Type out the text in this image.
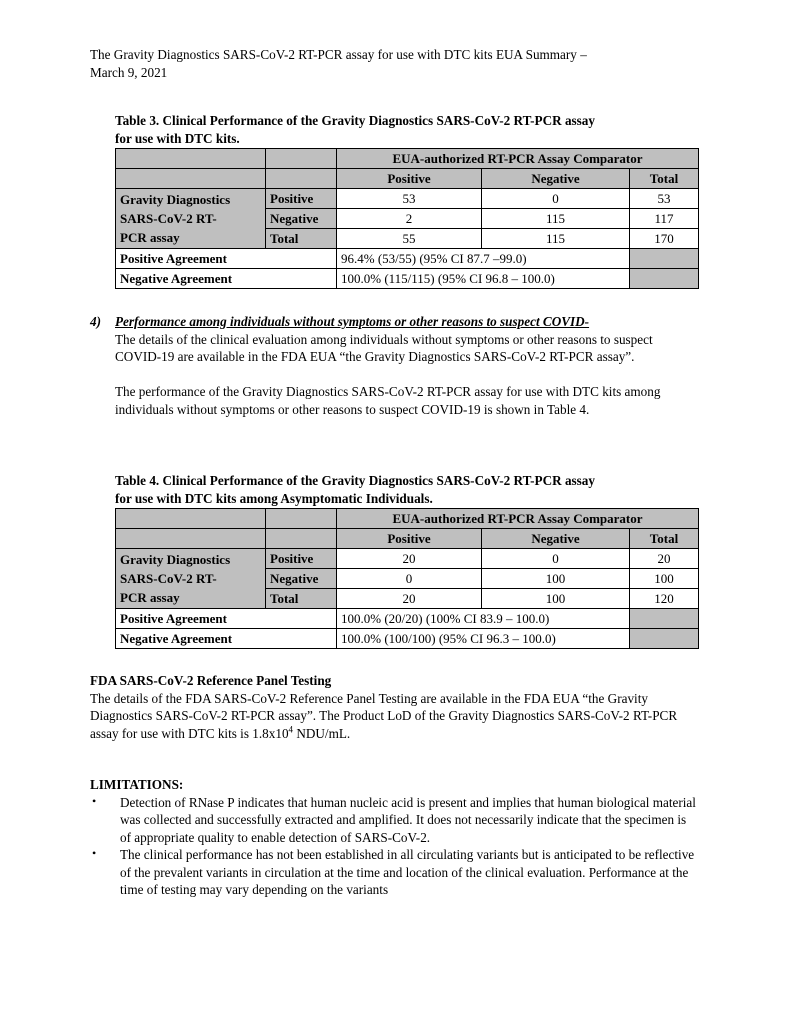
The Gravity Diagnostics SARS-CoV-2 RT-PCR assay for use with DTC kits EUA Summary –
March 9, 2021
Table 3. Clinical Performance of the Gravity Diagnostics SARS-CoV-2 RT-PCR assay
for use with DTC kits.
		EUA-authorized RT-PCR Assay Comparator		
		Positive	Negative	Total
Gravity Diagnostics
SARS-CoV-2 RT-
PCR assay	Positive	53	0	53
	Negative	2	115	117
	Total	55	115	170
Positive Agreement		96.4% (53/55) (95% CI 87.7 –99.0)		
Negative Agreement		100.0% (115/115) (95% CI 96.8 – 100.0)		
4) Performance among individuals without symptoms or other reasons to suspect COVID-
The details of the clinical evaluation among individuals without symptoms or other reasons to suspect COVID-19 are available in the FDA EUA “the Gravity Diagnostics SARS-CoV-2 RT-PCR assay”.
The performance of the Gravity Diagnostics SARS-CoV-2 RT-PCR assay for use with DTC kits among individuals without symptoms or other reasons to suspect COVID-19 is shown in Table 4.
Table 4. Clinical Performance of the Gravity Diagnostics SARS-CoV-2 RT-PCR assay
for use with DTC kits among Asymptomatic Individuals.
		EUA-authorized RT-PCR Assay Comparator		
		Positive	Negative	Total
Gravity Diagnostics
SARS-CoV-2 RT-
PCR assay	Positive	20	0	20
	Negative	0	100	100
	Total	20	100	120
Positive Agreement		100.0% (20/20) (100% CI 83.9 – 100.0)		
Negative Agreement		100.0% (100/100) (95% CI 96.3 – 100.0)		
FDA SARS-CoV-2 Reference Panel Testing
The details of the FDA SARS-CoV-2 Reference Panel Testing are available in the FDA EUA “the Gravity Diagnostics SARS-CoV-2 RT-PCR assay”. The Product LoD of the Gravity Diagnostics SARS-CoV-2 RT-PCR assay for use with DTC kits is $1.8x10^4$ NDU/mL.
LIMITATIONS:
• Detection of RNase P indicates that human nucleic acid is present and implies that human biological material was collected and successfully extracted and amplified. It does not necessarily indicate that the specimen is of appropriate quality to enable detection of SARS-CoV-2.
• The clinical performance has not been established in all circulating variants but is anticipated to be reflective of the prevalent variants in circulation at the time and location of the clinical evaluation. Performance at the time of testing may vary depending on the variants
